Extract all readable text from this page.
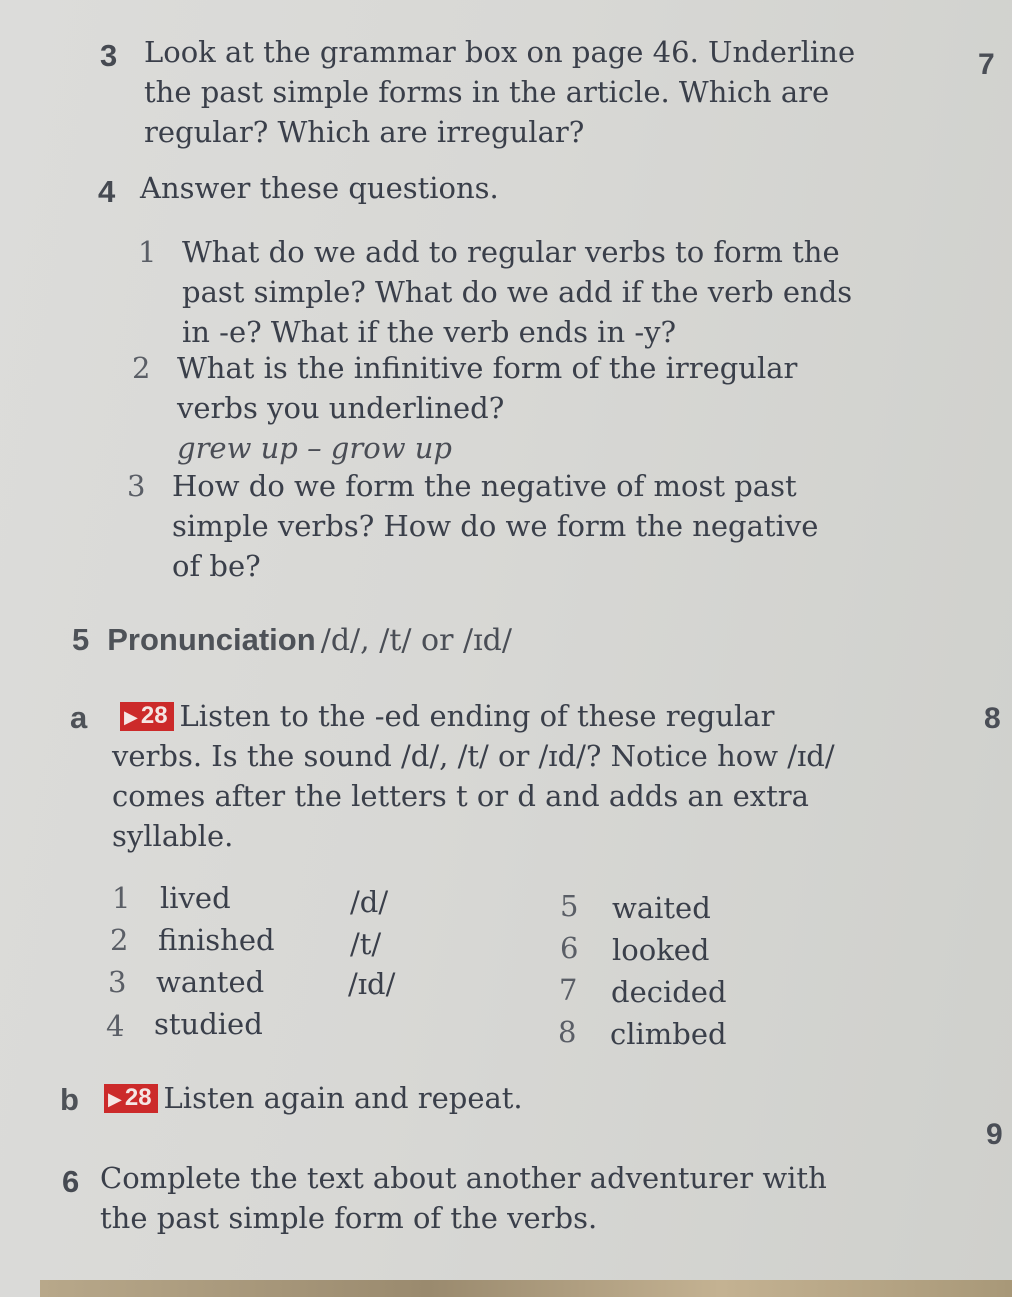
3 Look at the grammar box on page 46. Underline
the past simple forms in the article. Which are
regular? Which are irregular?
4 Answer these questions.
1 What do we add to regular verbs to form the
past simple? What do we add if the verb ends
in -e? What if the verb ends in -y?
2 What is the infinitive form of the irregular
verbs you underlined?
grew up – grow up
3 How do we form the negative of most past
simple verbs? How do we form the negative
of be?
5 Pronunciation /d/, /t/ or /ɪd/
a ▶ 28 Listen to the -ed ending of these regular
verbs. Is the sound /d/, /t/ or /ɪd/? Notice how /ɪd/
comes after the letters t or d and adds an extra
syllable.
1 lived	/d/
2 finished	/t/
3 wanted	/ɪd/
4 studied
5 waited
6 looked
7 decided
8 climbed
b ▶ 28 Listen again and repeat.
6 Complete the text about another adventurer with
the past simple form of the verbs.
7
8
9
